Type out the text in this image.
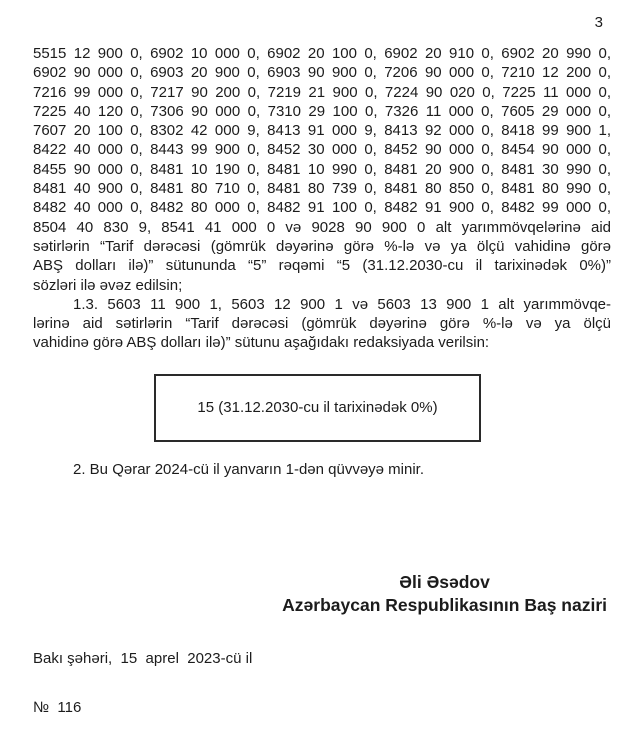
3
5515 12 900 0, 6902 10 000 0, 6902 20 100 0, 6902 20 910 0, 6902 20 990 0,
6902 90 000 0, 6903 20 900 0, 6903 90 900 0, 7206 90 000 0, 7210 12 200 0,
7216 99 000 0, 7217 90 200 0, 7219 21 900 0, 7224 90 020 0, 7225 11 000 0,
7225 40 120 0, 7306 90 000 0, 7310 29 100 0, 7326 11 000 0, 7605 29 000 0,
7607 20 100 0, 8302 42 000 9, 8413 91 000 9, 8413 92 000 0, 8418 99 900 1,
8422 40 000 0, 8443 99 900 0, 8452 30 000 0, 8452 90 000 0, 8454 90 000 0,
8455 90 000 0, 8481 10 190 0, 8481 10 990 0, 8481 20 900 0, 8481 30 990 0,
8481 40 900 0, 8481 80 710 0, 8481 80 739 0, 8481 80 850 0, 8481 80 990 0,
8482 40 000 0, 8482 80 000 0, 8482 91 100 0, 8482 91 900 0, 8482 99 000 0,
8504 40 830 9, 8541 41 000 0 və 9028 90 900 0 alt yarımmövqelərinə aid
sətirlərin “Tarif dərəcəsi (gömrük dəyərinə görə %-lə və ya ölçü vahidinə görə
ABŞ dolları ilə)” sütununda “5” rəqəmi “5 (31.12.2030-cu il tarixinədək 0%)”
sözləri ilə əvəz edilsin;
1.3. 5603 11 900 1, 5603 12 900 1 və 5603 13 900 1 alt yarımmövqe-
lərinə aid sətirlərin “Tarif dərəcəsi (gömrük dəyərinə görə %-lə və ya ölçü
vahidinə görə ABŞ dolları ilə)” sütunu aşağıdakı redaksiyada verilsin:
15 (31.12.2030-cu il tarixinədək 0%)
2. Bu Qərar 2024-cü il yanvarın 1-dən qüvvəyə minir.
Əli Əsədov
Azərbaycan Respublikasının Baş naziri
Bakı şəhəri,  15  aprel  2023-cü il
№  116
